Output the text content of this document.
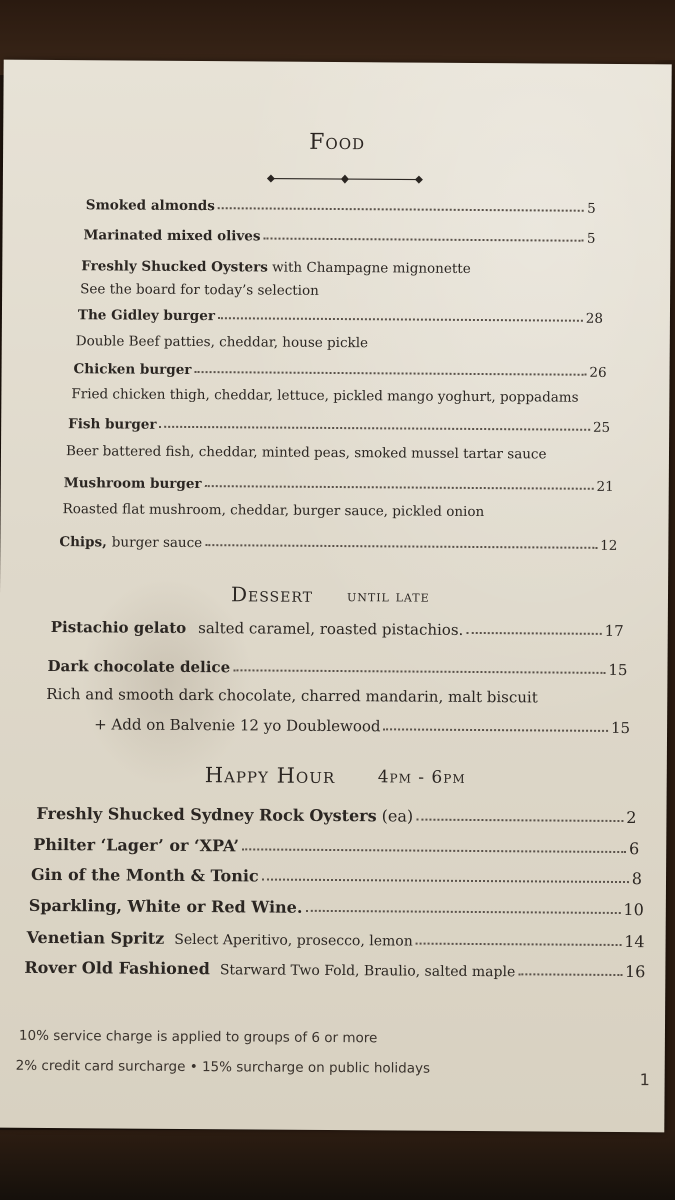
Food
Smoked almonds	5
Marinated mixed olives	5
Freshly Shucked Oysters with Champagne mignonette
See the board for today’s selection
The Gidley burger	28
Double Beef patties, cheddar, house pickle
Chicken burger	26
Fried chicken thigh, cheddar, lettuce, pickled mango yoghurt, poppadams
Fish burger	25
Beer battered fish, cheddar, minted peas, smoked mussel tartar sauce
Mushroom burger	21
Roasted flat mushroom, cheddar, burger sauce, pickled onion
Chips, burger sauce	12
Dessert until late
Pistachio gelato salted caramel, roasted pistachios.	17
Dark chocolate delice	15
Rich and smooth dark chocolate, charred mandarin, malt biscuit
+ Add on Balvenie 12 yo Doublewood	15
Happy Hour 4pm - 6pm
Freshly Shucked Sydney Rock Oysters (ea)	2
Philter ‘Lager’ or ‘XPA’	6
Gin of the Month & Tonic	8
Sparkling, White or Red Wine.	10
Venetian Spritz Select Aperitivo, prosecco, lemon	14
Rover Old Fashioned Starward Two Fold, Braulio, salted maple	16
10% service charge is applied to groups of 6 or more
2% credit card surcharge • 15% surcharge on public holidays
1
